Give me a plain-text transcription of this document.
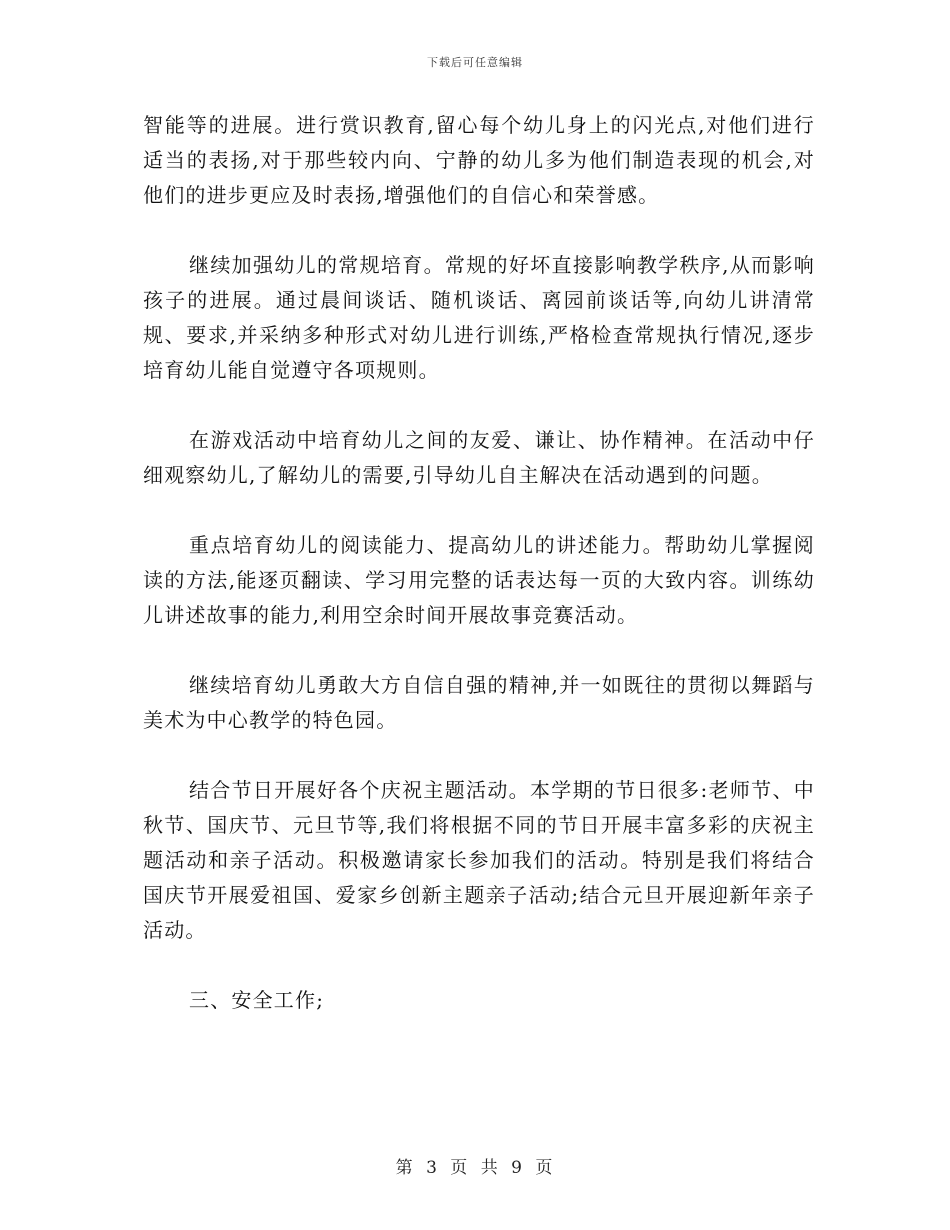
下载后可任意编辑

智能等的进展。进行赏识教育,留心每个幼儿身上的闪光点,对他们进行适当的表扬,对于那些较内向、宁静的幼儿多为他们制造表现的机会,对他们的进步更应及时表扬,增强他们的自信心和荣誉感。

继续加强幼儿的常规培育。常规的好坏直接影响教学秩序,从而影响孩子的进展。通过晨间谈话、随机谈话、离园前谈话等,向幼儿讲清常规、要求,并采纳多种形式对幼儿进行训练,严格检查常规执行情况,逐步培育幼儿能自觉遵守各项规则。

在游戏活动中培育幼儿之间的友爱、谦让、协作精神。在活动中仔细观察幼儿,了解幼儿的需要,引导幼儿自主解决在活动遇到的问题。

重点培育幼儿的阅读能力、提高幼儿的讲述能力。帮助幼儿掌握阅读的方法,能逐页翻读、学习用完整的话表达每一页的大致内容。训练幼儿讲述故事的能力,利用空余时间开展故事竞赛活动。

继续培育幼儿勇敢大方自信自强的精神,并一如既往的贯彻以舞蹈与美术为中心教学的特色园。

结合节日开展好各个庆祝主题活动。本学期的节日很多:老师节、中秋节、国庆节、元旦节等,我们将根据不同的节日开展丰富多彩的庆祝主题活动和亲子活动。积极邀请家长参加我们的活动。特别是我们将结合国庆节开展爱祖国、爱家乡创新主题亲子活动;结合元旦开展迎新年亲子活动。

三、安全工作;

第 3 页 共 9 页
